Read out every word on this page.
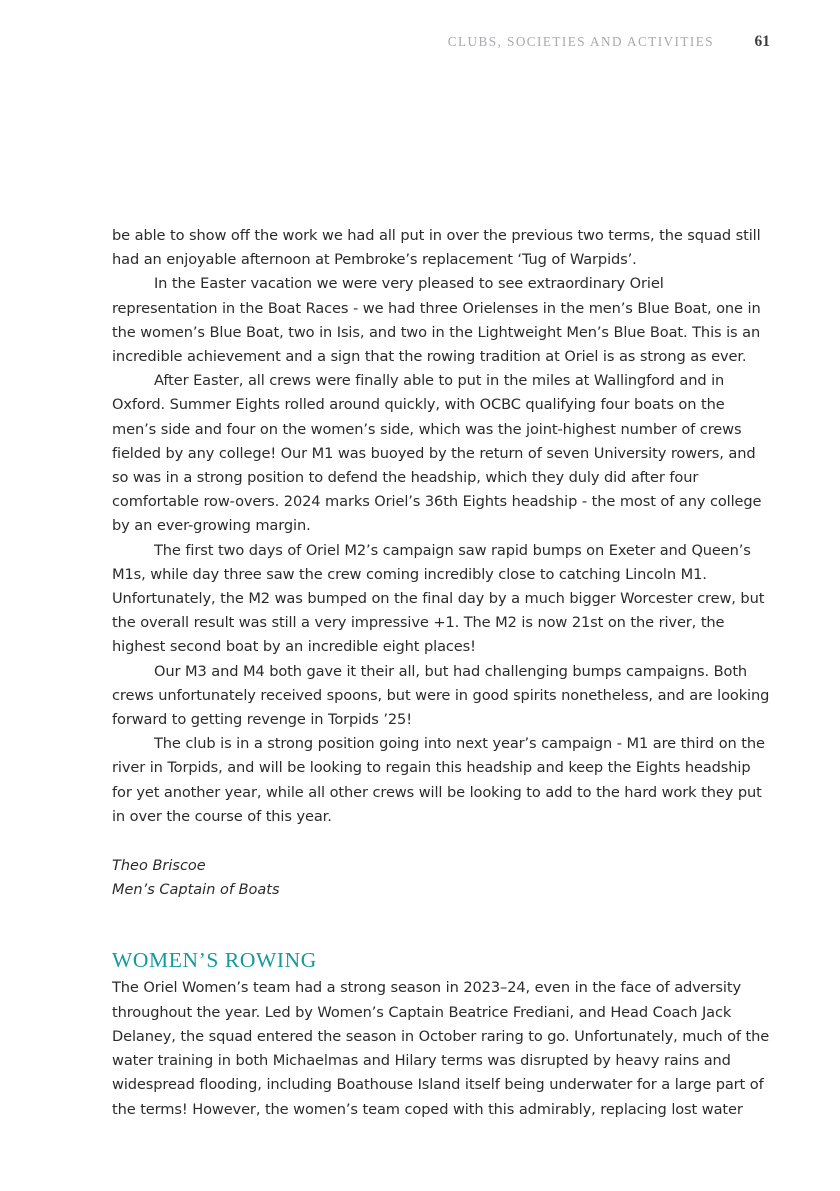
CLUBS, SOCIETIES AND ACTIVITIES	61

be able to show off the work we had all put in over the previous two terms, the squad still had an enjoyable afternoon at Pembroke’s replacement ‘Tug of Warpids’.

In the Easter vacation we were very pleased to see extraordinary Oriel representation in the Boat Races - we had three Orielenses in the men’s Blue Boat, one in the women’s Blue Boat, two in Isis, and two in the Lightweight Men’s Blue Boat. This is an incredible achievement and a sign that the rowing tradition at Oriel is as strong as ever.

After Easter, all crews were finally able to put in the miles at Wallingford and in Oxford. Summer Eights rolled around quickly, with OCBC qualifying four boats on the men’s side and four on the women’s side, which was the joint-highest number of crews fielded by any college! Our M1 was buoyed by the return of seven University rowers, and so was in a strong position to defend the headship, which they duly did after four comfortable row-overs. 2024 marks Oriel’s 36th Eights headship - the most of any college by an ever-growing margin.

The first two days of Oriel M2’s campaign saw rapid bumps on Exeter and Queen’s M1s, while day three saw the crew coming incredibly close to catching Lincoln M1. Unfortunately, the M2 was bumped on the final day by a much bigger Worcester crew, but the overall result was still a very impressive +1. The M2 is now 21st on the river, the highest second boat by an incredible eight places!

Our M3 and M4 both gave it their all, but had challenging bumps campaigns. Both crews unfortunately received spoons, but were in good spirits nonetheless, and are looking forward to getting revenge in Torpids ’25!

The club is in a strong position going into next year’s campaign - M1 are third on the river in Torpids, and will be looking to regain this headship and keep the Eights headship for yet another year, while all other crews will be looking to add to the hard work they put in over the course of this year.

Theo Briscoe
Men’s Captain of Boats
WOMEN’S ROWING

The Oriel Women’s team had a strong season in 2023–24, even in the face of adversity throughout the year. Led by Women’s Captain Beatrice Frediani, and Head Coach Jack Delaney, the squad entered the season in October raring to go. Unfortunately, much of the water training in both Michaelmas and Hilary terms was disrupted by heavy rains and widespread flooding, including Boathouse Island itself being underwater for a large part of the terms! However, the women’s team coped with this admirably, replacing lost water
